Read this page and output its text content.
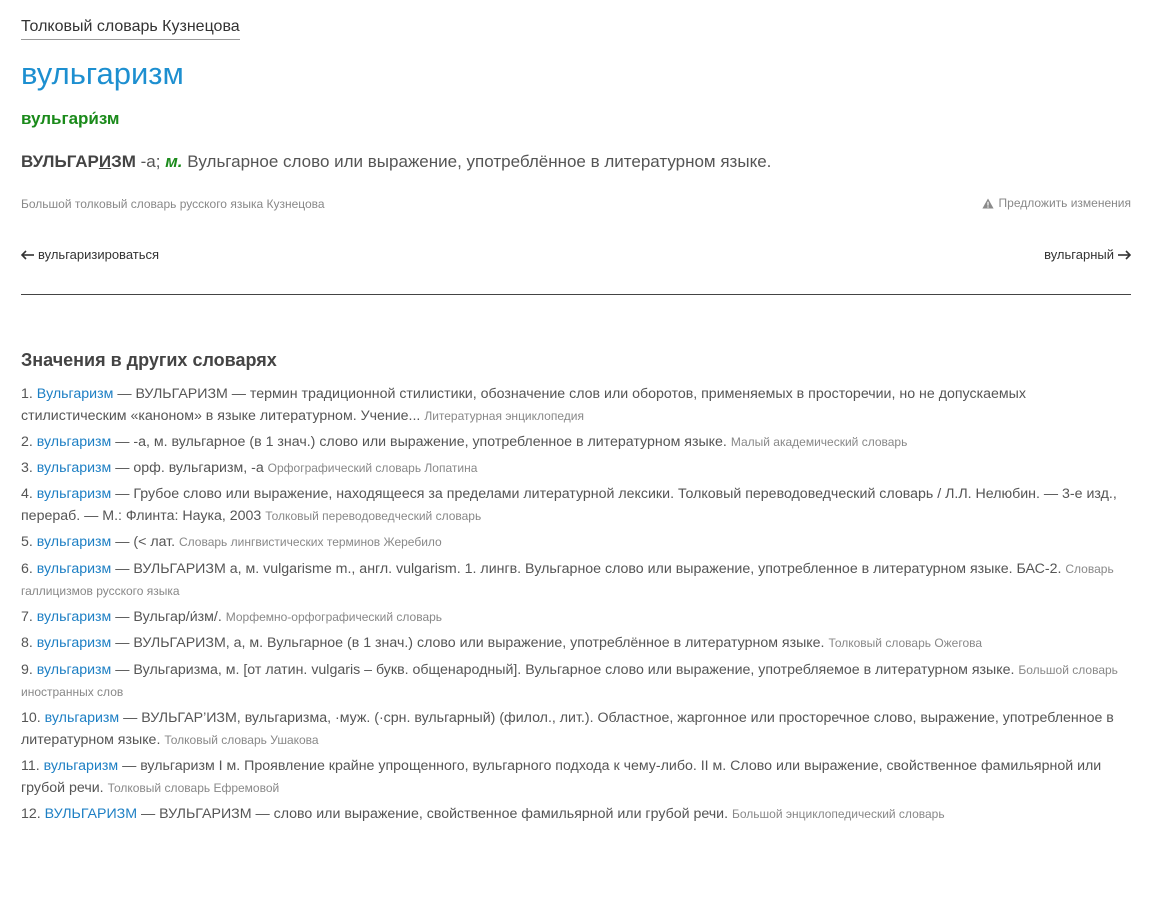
Толковый словарь Кузнецова
вульгаризм
вульгари́зм

ВУЛЬГАРИЗМ -а; м. Вульгарное слово или выражение, употреблённое в литературном языке.

Большой толковый словарь русского языка Кузнецова	Предложить изменения
вульгаризироваться	вульгарный
Значения в других словарях
1. Вульгаризм — ВУЛЬГАРИЗМ — термин традиционной стилистики, обозначение слов или оборотов, применяемых в просторечии, но не допускаемых стилистическим «каноном» в языке литературном. Учение... Литературная энциклопедия
2. вульгаризм — -а, м. вульгарное (в 1 знач.) слово или выражение, употребленное в литературном языке. Малый академический словарь
3. вульгаризм — орф. вульгаризм, -а Орфографический словарь Лопатина
4. вульгаризм — Грубое слово или выражение, находящееся за пределами литературной лексики. Толковый переводоведческий словарь / Л.Л. Нелюбин. — 3-е изд., перераб. — М.: Флинта: Наука, 2003 Толковый переводоведческий словарь
5. вульгаризм — (< лат. Словарь лингвистических терминов Жеребило
6. вульгаризм — ВУЛЬГАРИЗМ а, м. vulgarisme m., англ. vulgarism. 1. лингв. Вульгарное слово или выражение, употребленное в литературном языке. БАС-2. Словарь галлицизмов русского языка
7. вульгаризм — Вульгар/и́зм/. Морфемно-орфографический словарь
8. вульгаризм — ВУЛЬГАРИЗМ, а, м. Вульгарное (в 1 знач.) слово или выражение, употреблённое в литературном языке. Толковый словарь Ожегова
9. вульгаризм — Вульгаризма, м. [от латин. vulgaris – букв. общенародный]. Вульгарное слово или выражение, употребляемое в литературном языке. Большой словарь иностранных слов
10. вульгаризм — ВУЛЬГАР’ИЗМ, вульгаризма, ·муж. (·срн. вульгарный) (филол., лит.). Областное, жаргонное или просторечное слово, выражение, употребленное в литературном языке. Толковый словарь Ушакова
11. вульгаризм — вульгаризм I м. Проявление крайне упрощенного, вульгарного подхода к чему-либо. II м. Слово или выражение, свойственное фамильярной или грубой речи. Толковый словарь Ефремовой
12. ВУЛЬГАРИЗМ — ВУЛЬГАРИЗМ — слово или выражение, свойственное фамильярной или грубой речи. Большой энциклопедический словарь
